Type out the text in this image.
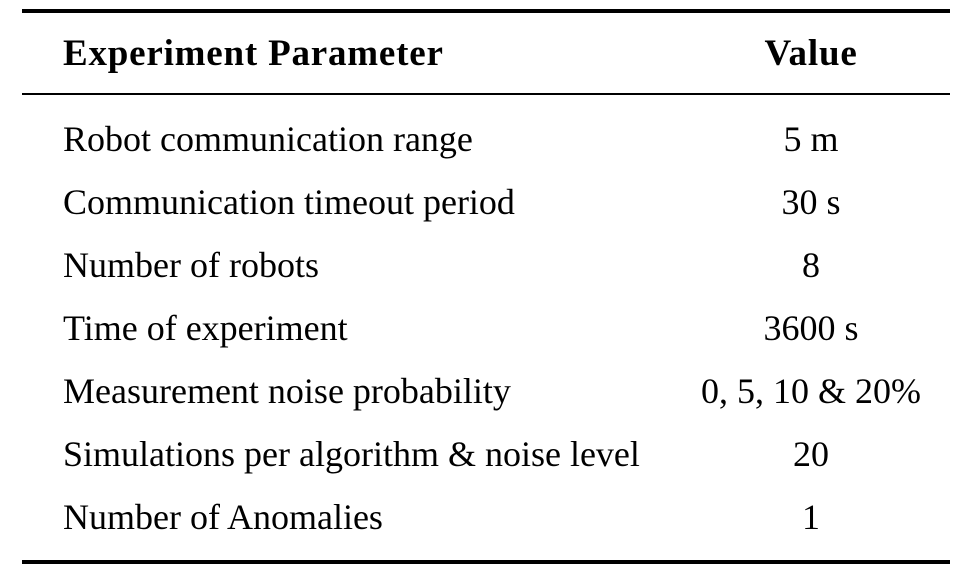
Experiment Parameter	Value
Robot communication range	5 m
Communication timeout period	30 s
Number of robots	8
Time of experiment	3600 s
Measurement noise probability	0, 5, 10 & 20%
Simulations per algorithm & noise level	20
Number of Anomalies	1
